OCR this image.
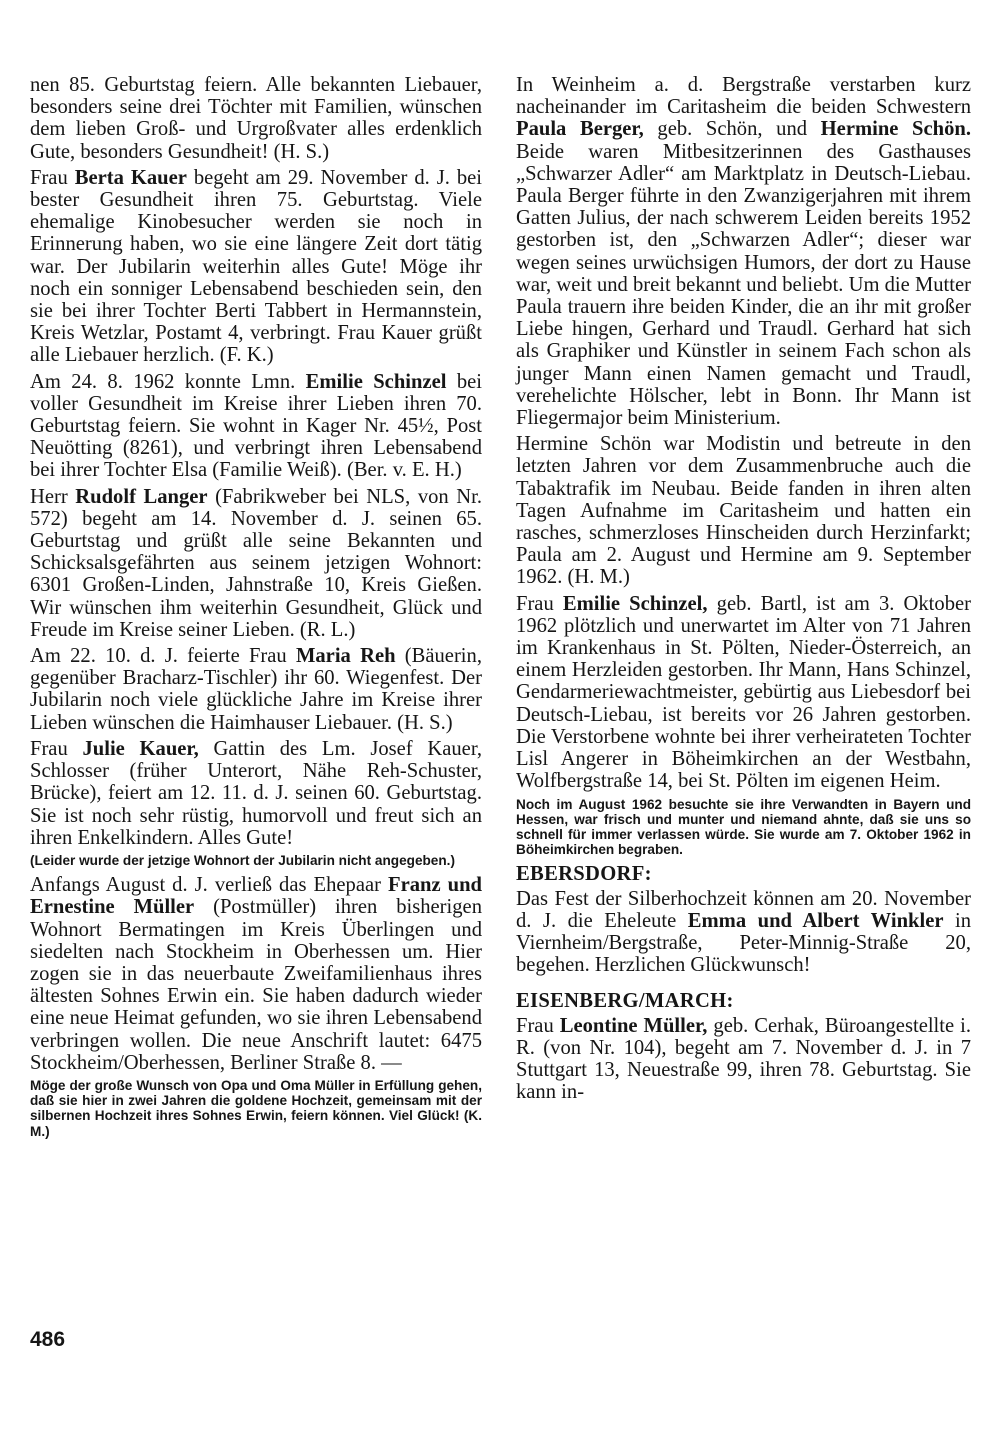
nen 85. Geburtstag feiern. Alle bekannten Liebauer, besonders seine drei Töchter mit Familien, wünschen dem lieben Groß- und Urgroßvater alles erdenklich Gute, besonders Gesundheit! (H. S.)

Frau Berta Kauer begeht am 29. November d. J. bei bester Gesundheit ihren 75. Geburtstag. Viele ehemalige Kinobesucher werden sie noch in Erinnerung haben, wo sie eine längere Zeit dort tätig war. Der Jubilarin weiterhin alles Gute! Möge ihr noch ein sonniger Lebensabend beschieden sein, den sie bei ihrer Tochter Berti Tabbert in Hermannstein, Kreis Wetzlar, Postamt 4, verbringt. Frau Kauer grüßt alle Liebauer herzlich. (F. K.)

Am 24. 8. 1962 konnte Lmn. Emilie Schinzel bei voller Gesundheit im Kreise ihrer Lieben ihren 70. Geburtstag feiern. Sie wohnt in Kager Nr. 45½, Post Neuötting (8261), und verbringt ihren Lebensabend bei ihrer Tochter Elsa (Familie Weiß). (Ber. v. E. H.)

Herr Rudolf Langer (Fabrikweber bei NLS, von Nr. 572) begeht am 14. November d. J. seinen 65. Geburtstag und grüßt alle seine Bekannten und Schicksalsgefährten aus seinem jetzigen Wohnort: 6301 Großen-Linden, Jahnstraße 10, Kreis Gießen. Wir wünschen ihm weiterhin Gesundheit, Glück und Freude im Kreise seiner Lieben. (R. L.)

Am 22. 10. d. J. feierte Frau Maria Reh (Bäuerin, gegenüber Bracharz-Tischler) ihr 60. Wiegenfest. Der Jubilarin noch viele glückliche Jahre im Kreise ihrer Lieben wünschen die Haimhauser Liebauer. (H. S.)

Frau Julie Kauer, Gattin des Lm. Josef Kauer, Schlosser (früher Unterort, Nähe Reh-Schuster, Brücke), feiert am 12. 11. d. J. seinen 60. Geburtstag. Sie ist noch sehr rüstig, humorvoll und freut sich an ihren Enkelkindern. Alles Gute!

(Leider wurde der jetzige Wohnort der Jubilarin nicht angegeben.)

Anfangs August d. J. verließ das Ehepaar Franz und Ernestine Müller (Postmüller) ihren bisherigen Wohnort Bermatingen im Kreis Überlingen und siedelten nach Stockheim in Oberhessen um. Hier zogen sie in das neuerbaute Zweifamilienhaus ihres ältesten Sohnes Erwin ein. Sie haben dadurch wieder eine neue Heimat gefunden, wo sie ihren Lebensabend verbringen wollen. Die neue Anschrift lautet: 6475 Stockheim/Oberhessen, Berliner Straße 8. —

Möge der große Wunsch von Opa und Oma Müller in Erfüllung gehen, daß sie hier in zwei Jahren die goldene Hochzeit, gemeinsam mit der silbernen Hochzeit ihres Sohnes Erwin, feiern können. Viel Glück! (K. M.)

In Weinheim a. d. Bergstraße verstarben kurz nacheinander im Caritasheim die beiden Schwestern Paula Berger, geb. Schön, und Hermine Schön. Beide waren Mitbesitzerinnen des Gasthauses „Schwarzer Adler“ am Marktplatz in Deutsch-Liebau. Paula Berger führte in den Zwanzigerjahren mit ihrem Gatten Julius, der nach schwerem Leiden bereits 1952 gestorben ist, den „Schwarzen Adler“; dieser war wegen seines urwüchsigen Humors, der dort zu Hause war, weit und breit bekannt und beliebt. Um die Mutter Paula trauern ihre beiden Kinder, die an ihr mit großer Liebe hingen, Gerhard und Traudl. Gerhard hat sich als Graphiker und Künstler in seinem Fach schon als junger Mann einen Namen gemacht und Traudl, verehelichte Hölscher, lebt in Bonn. Ihr Mann ist Fliegermajor beim Ministerium.

Hermine Schön war Modistin und betreute in den letzten Jahren vor dem Zusammenbruche auch die Tabaktrafik im Neubau. Beide fanden in ihren alten Tagen Aufnahme im Caritasheim und hatten ein rasches, schmerzloses Hinscheiden durch Herzinfarkt; Paula am 2. August und Hermine am 9. September 1962. (H. M.)

Frau Emilie Schinzel, geb. Bartl, ist am 3. Oktober 1962 plötzlich und unerwartet im Alter von 71 Jahren im Krankenhaus in St. Pölten, Nieder-Österreich, an einem Herzleiden gestorben. Ihr Mann, Hans Schinzel, Gendarmeriewachtmeister, gebürtig aus Liebesdorf bei Deutsch-Liebau, ist bereits vor 26 Jahren gestorben. Die Verstorbene wohnte bei ihrer verheirateten Tochter Lisl Angerer in Böheimkirchen an der Westbahn, Wolfbergstraße 14, bei St. Pölten im eigenen Heim.

Noch im August 1962 besuchte sie ihre Verwandten in Bayern und Hessen, war frisch und munter und niemand ahnte, daß sie uns so schnell für immer verlassen würde. Sie wurde am 7. Oktober 1962 in Böheimkirchen begraben.

EBERSDORF:

Das Fest der Silberhochzeit können am 20. November d. J. die Eheleute Emma und Albert Winkler in Viernheim/Bergstraße, Peter-Minnig-Straße 20, begehen. Herzlichen Glückwunsch!

EISENBERG/MARCH:

Frau Leontine Müller, geb. Cerhak, Büroangestellte i. R. (von Nr. 104), begeht am 7. November d. J. in 7 Stuttgart 13, Neuestraße 99, ihren 78. Geburtstag. Sie kann in-

486
